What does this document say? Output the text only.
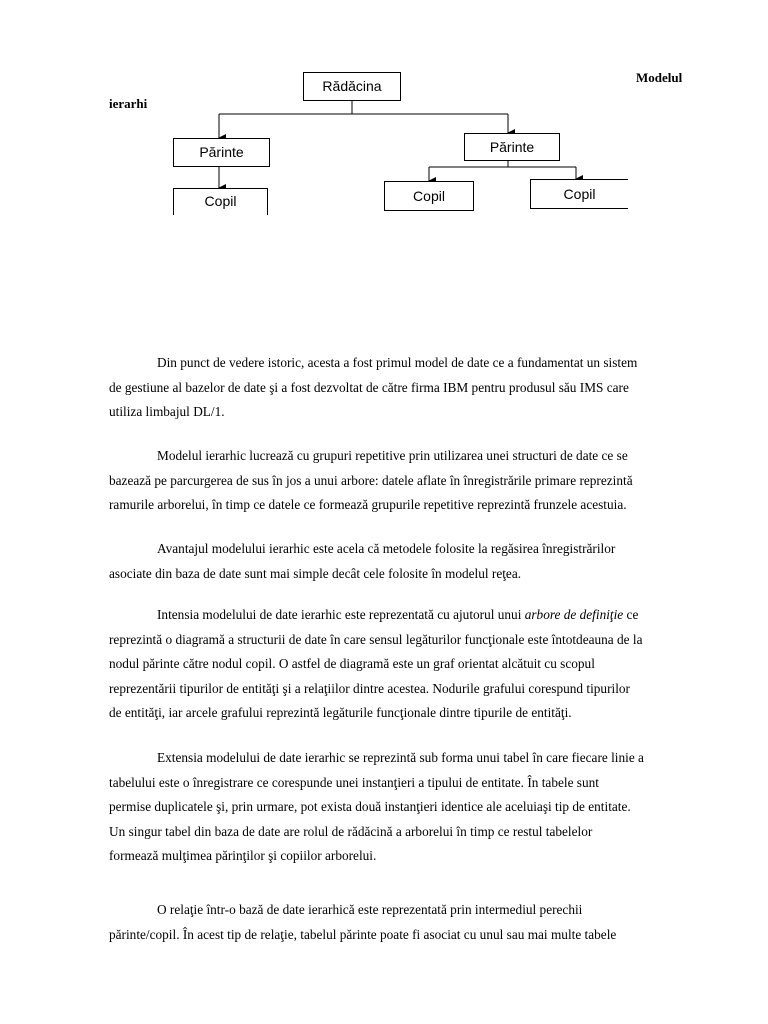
Modelul
ierarhi
Rădăcina
Părinte	Părinte
Copil	Copil	Copil

Din punct de vedere istoric, acesta a fost primul model de date ce a fundamentat un sistem
de gestiune al bazelor de date şi a fost dezvoltat de către firma IBM pentru produsul său IMS care
utiliza limbajul DL/1.

Modelul ierarhic lucrează cu grupuri repetitive prin utilizarea unei structuri de date ce se
bazează pe parcurgerea de sus în jos a unui arbore: datele aflate în înregistrările primare reprezintă
ramurile arborelui, în timp ce datele ce formează grupurile repetitive reprezintă frunzele acestuia.

Avantajul modelului ierarhic este acela că metodele folosite la regăsirea înregistrărilor
asociate din baza de date sunt mai simple decât cele folosite în modelul reţea.

Intensia modelului de date ierarhic este reprezentată cu ajutorul unui arbore de definiţie ce
reprezintă o diagramă a structurii de date în care sensul legăturilor funcţionale este întotdeauna de la
nodul părinte către nodul copil. O astfel de diagramă este un graf orientat alcătuit cu scopul
reprezentării tipurilor de entităţi şi a relaţiilor dintre acestea. Nodurile grafului corespund tipurilor
de entităţi, iar arcele grafului reprezintă legăturile funcţionale dintre tipurile de entităţi.

Extensia modelului de date ierarhic se reprezintă sub forma unui tabel în care fiecare linie a
tabelului este o înregistrare ce corespunde unei instanţieri a tipului de entitate. În tabele sunt
permise duplicatele şi, prin urmare, pot exista două instanţieri identice ale aceluiaşi tip de entitate.
Un singur tabel din baza de date are rolul de rădăcină a arborelui în timp ce restul tabelelor
formează mulţimea părinţilor şi copiilor arborelui.

O relaţie într-o bază de date ierarhică este reprezentată prin intermediul perechii
părinte/copil. În acest tip de relaţie, tabelul părinte poate fi asociat cu unul sau mai multe tabele
